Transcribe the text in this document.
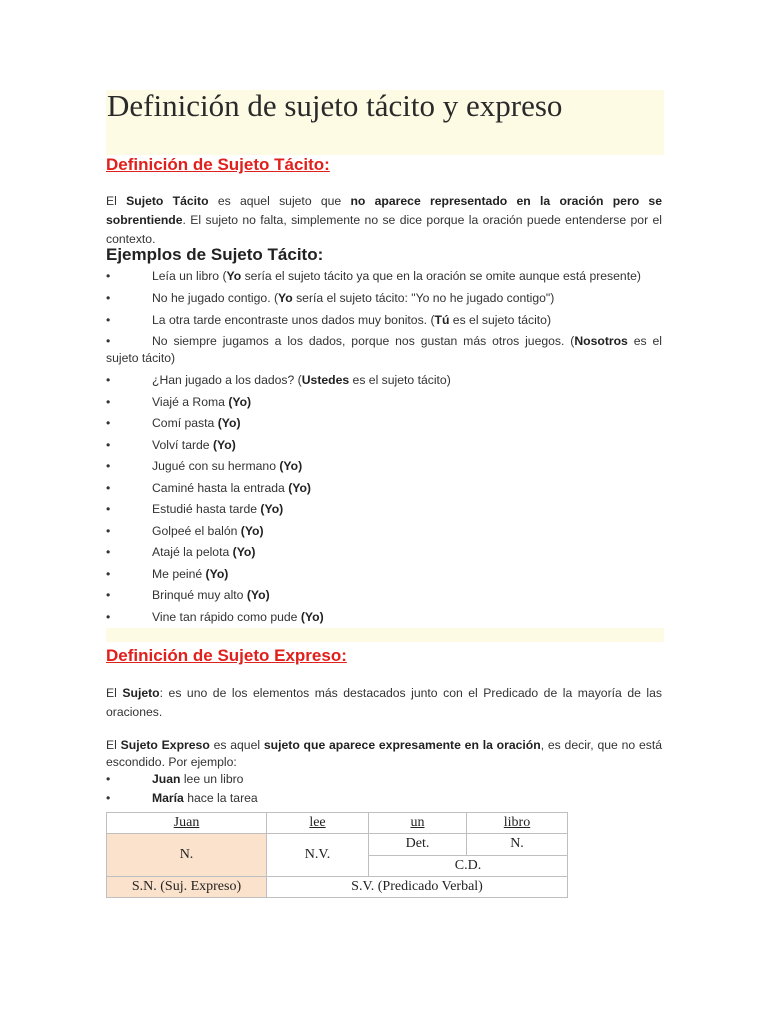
Definición de sujeto tácito y expreso
Definición de Sujeto Tácito:
El Sujeto Tácito es aquel sujeto que no aparece representado en la oración pero se sobrentiende. El sujeto no falta, simplemente no se dice porque la oración puede entenderse por el contexto.
Ejemplos de Sujeto Tácito:
•	Leía un libro (Yo sería el sujeto tácito ya que en la oración se omite aunque está presente)
•	No he jugado contigo. (Yo sería el sujeto tácito: "Yo no he jugado contigo")
•	La otra tarde encontraste unos dados muy bonitos. (Tú es el sujeto tácito)
•	No siempre jugamos a los dados, porque nos gustan más otros juegos. (Nosotros es el sujeto tácito)
•	¿Han jugado a los dados? (Ustedes es el sujeto tácito)
•	Viajé a Roma (Yo)
•	Comí pasta (Yo)
•	Volví tarde (Yo)
•	Jugué con su hermano (Yo)
•	Caminé hasta la entrada (Yo)
•	Estudié hasta tarde (Yo)
•	Golpeé el balón (Yo)
•	Atajé la pelota (Yo)
•	Me peiné (Yo)
•	Brinqué muy alto (Yo)
•	Vine tan rápido como pude (Yo)
Definición de Sujeto Expreso:
El Sujeto: es uno de los elementos más destacados junto con el Predicado de la mayoría de las oraciones.
El Sujeto Expreso es aquel sujeto que aparece expresamente en la oración, es decir, que no está escondido. Por ejemplo:
•	Juan lee un libro
•	María hace la tarea
Juan	lee	un	libro
N.	N.V.	Det.	N.
		C.D.	
S.N. (Suj. Expreso)	S.V. (Predicado Verbal)		
